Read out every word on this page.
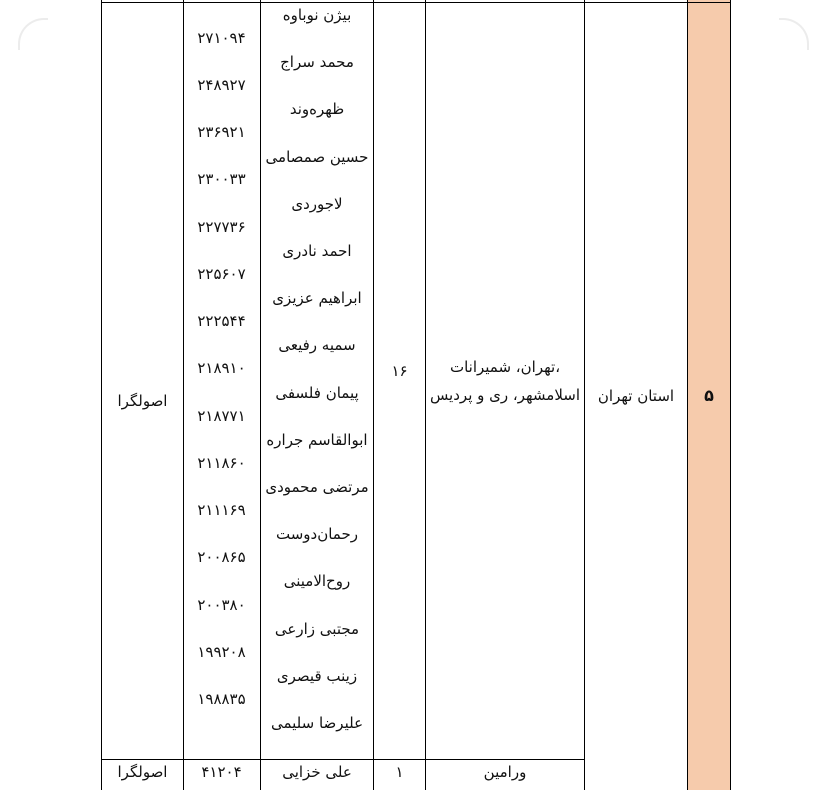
۵
استان تهران
تهران، شمیرانات،
اسلامشهر، ری و پردیس
۱۶
اصولگرا
بیژن نوباوه
محمد سراج
ظهره‌وند
حسین صمصامی
لاجوردی
احمد نادری
ابراهیم عزیزی
سمیه رفیعی
پیمان فلسفی
ابوالقاسم جراره
مرتضی محمودی
رحمان‌دوست
روح‌الامینی
مجتبی زارعی
زینب قیصری
علیرضا سلیمی
۲۷۱۰۹۴
۲۴۸۹۲۷
۲۳۶۹۲۱
۲۳۰۰۳۳
۲۲۷۷۳۶
۲۲۵۶۰۷
۲۲۲۵۴۴
۲۱۸۹۱۰
۲۱۸۷۷۱
۲۱۱۸۶۰
۲۱۱۱۶۹
۲۰۰۸۶۵
۲۰۰۳۸۰
۱۹۹۲۰۸
۱۹۸۸۳۵
ورامین
۱
علی خزایی
۴۱۲۰۴
اصولگرا
